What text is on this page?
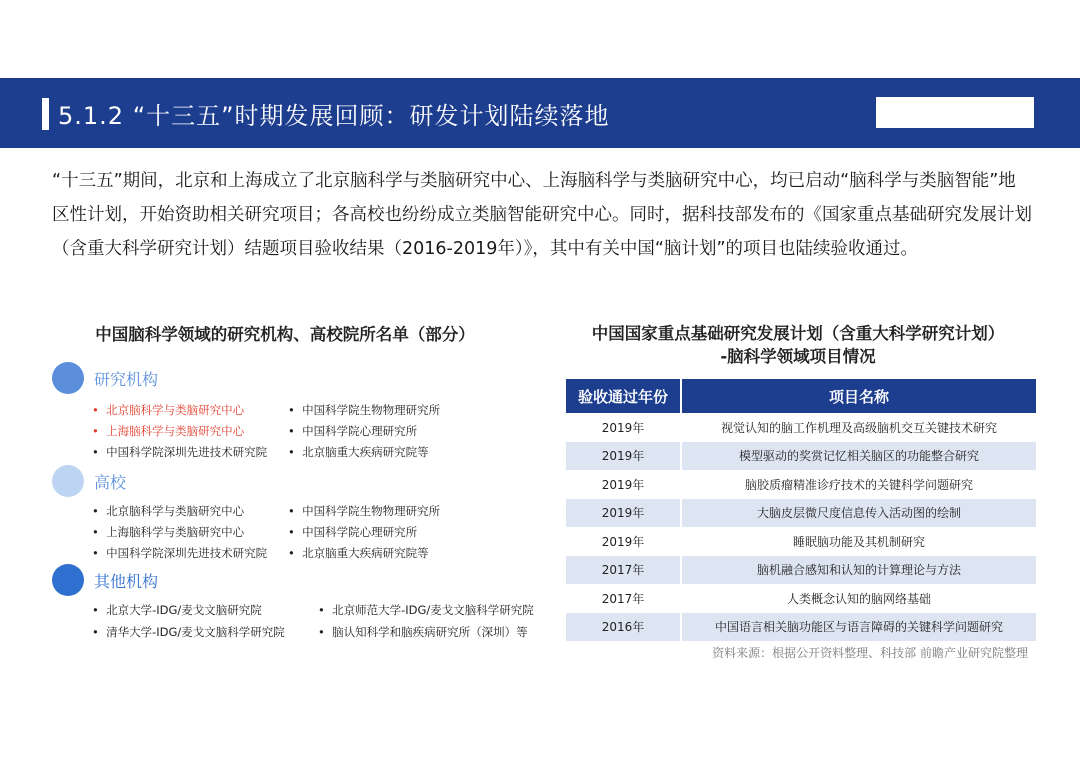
5.1.2 “十三五”时期发展回顾：研发计划陆续落地
“十三五”期间，北京和上海成立了北京脑科学与类脑研究中心、上海脑科学与类脑研究中心，均已启动“脑科学与类脑智能”地区性计划，开始资助相关研究项目；各高校也纷纷成立类脑智能研究中心。同时，据科技部发布的《国家重点基础研究发展计划（含重大科学研究计划）结题项目验收结果（2016-2019年）》，其中有关中国“脑计划”的项目也陆续验收通过。
中国脑科学领域的研究机构、高校院所名单（部分）
研究机构
•  北京脑科学与类脑研究中心	•  中国科学院生物物理研究所
•  上海脑科学与类脑研究中心	•  中国科学院心理研究所
•  中国科学院深圳先进技术研究院 •  北京脑重大疾病研究院等
高校
•  北京脑科学与类脑研究中心	•  中国科学院生物物理研究所
•  上海脑科学与类脑研究中心	•  中国科学院心理研究所
•  中国科学院深圳先进技术研究院 •  北京脑重大疾病研究院等
其他机构
•  北京大学-IDG/麦戈文脑研究院	•  北京师范大学-IDG/麦戈文脑科学研究院
•  清华大学-IDG/麦戈文脑科学研究院	•  脑认知科学和脑疾病研究所（深圳）等
中国国家重点基础研究发展计划（含重大科学研究计划）
-脑科学领域项目情况
验收通过年份	项目名称
2019年	视觉认知的脑工作机理及高级脑机交互关键技术研究
2019年	模型驱动的奖赏记忆相关脑区的功能整合研究
2019年	脑胶质瘤精准诊疗技术的关键科学问题研究
2019年	大脑皮层微尺度信息传入活动图的绘制
2019年	睡眠脑功能及其机制研究
2017年	脑机融合感知和认知的计算理论与方法
2017年	人类概念认知的脑网络基础
2016年	中国语言相关脑功能区与语言障碍的关键科学问题研究
资料来源：根据公开资料整理、科技部 前瞻产业研究院整理
